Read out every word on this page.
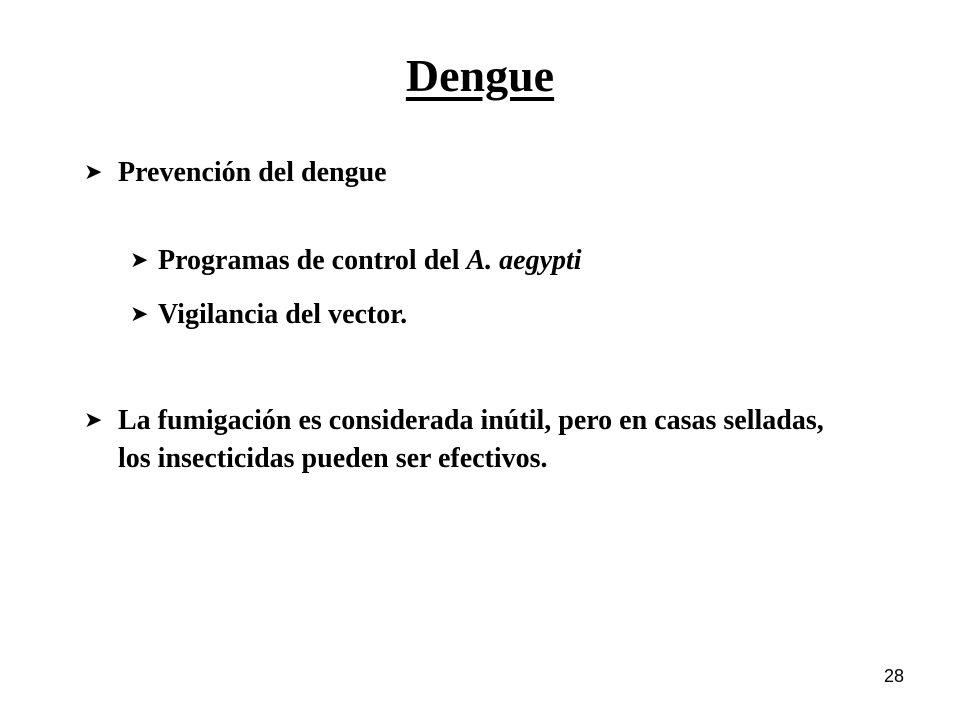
Dengue
➤ Prevención del dengue
➤ Programas de control del A. aegypti
➤ Vigilancia del vector.
➤ La fumigación es considerada inútil, pero en casas selladas, los insecticidas pueden ser efectivos.
28
